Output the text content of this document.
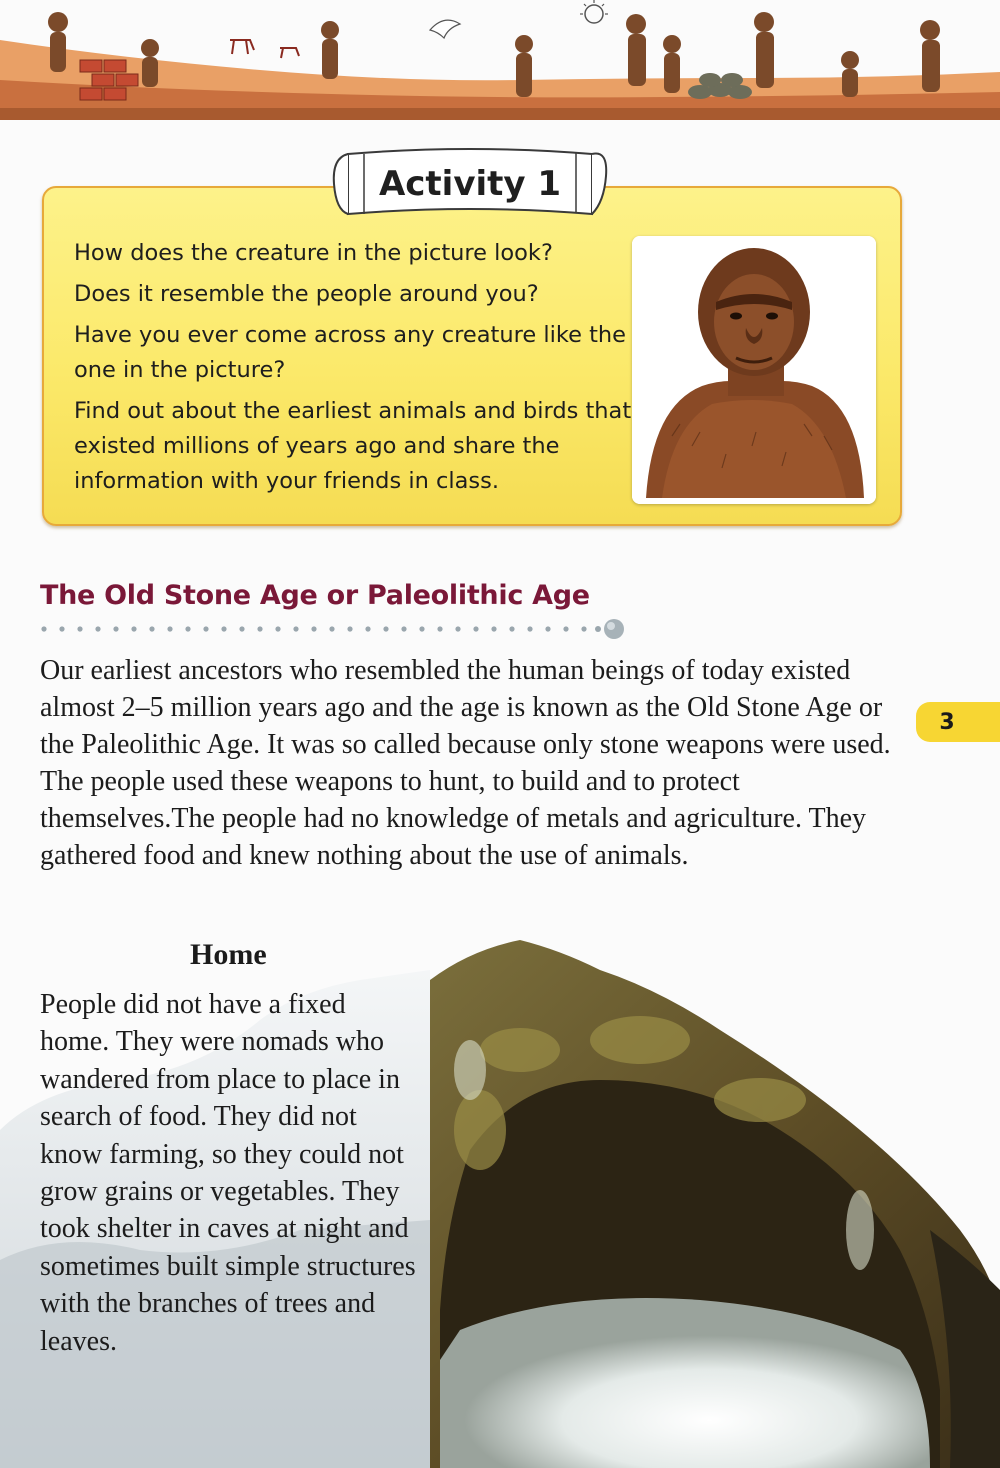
How does the creature in the picture look?
Does it resemble the people around you?
Have you ever come across any creature like the one in the picture?
Find out about the earliest animals and birds that existed millions of years ago and share the information with your friends in class.
Activity 1
The Old Stone Age or Paleolithic Age

Our earliest ancestors who resembled the human beings of today existed almost 2–5 million years ago and the age is known as the Old Stone Age or the Paleolithic Age. It was so called because only stone weapons were used. The people used these weapons to hunt, to build and to protect themselves.The people had no knowledge of metals and agriculture. They gathered food and knew nothing about the use of animals.

3
Home

People did not have a fixed home. They were nomads who wandered from place to place in search of food. They did not know farming, so they could not grow grains or vegetables. They took shelter in caves at night and sometimes built simple structures with the branches of trees and leaves.
